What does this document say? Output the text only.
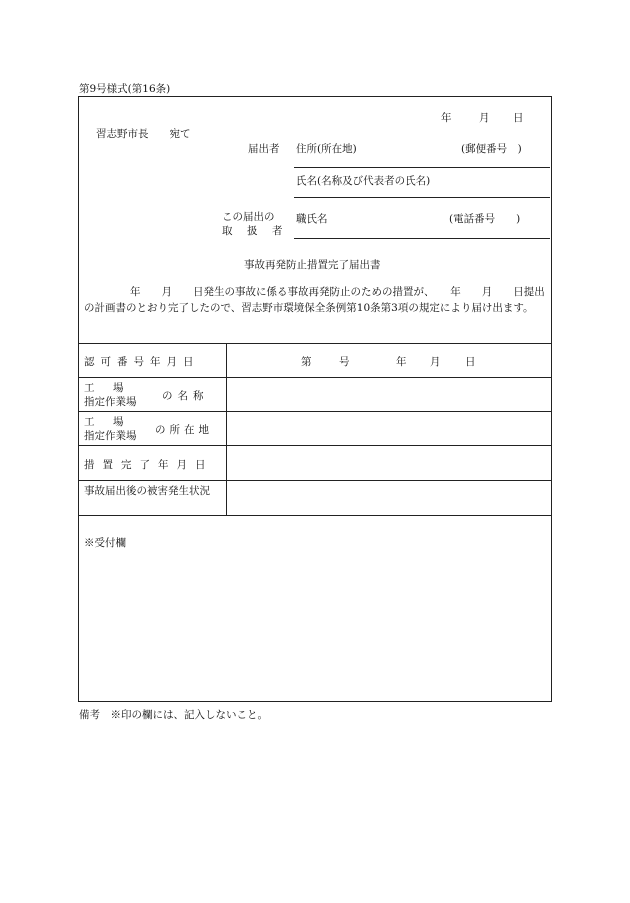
第9号様式(第16条)
年	月 日
習志野市長　　宛て
届出者 住所(所在地)	(郵便番号　)
氏名(名称及び代表者の氏名)
この届出の
取　扱　者
職氏名	(電話番号　　)
事故再発防止措置完了届出書
年　　月　　日発生の事故に係る事故再発防止のための措置が、　　年　　月　　日提出の計画書のとおり完了したので、習志野市環境保全条例第10条第3項の規定により届け出ます。
認可番号年月日	第	号	年 月 日
工　場
指定作業場	の名称
工　場
指定作業場	の所在地
措置完了年月日
事故届出後の被害発生状況
※受付欄
備考　※印の欄には、記入しないこと。
